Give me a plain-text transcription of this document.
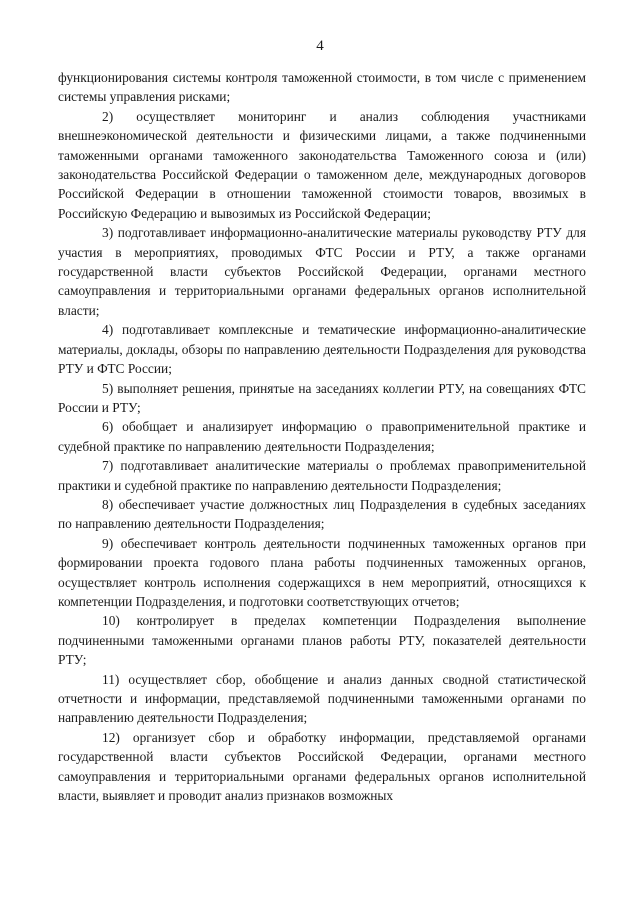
4

функционирования системы контроля таможенной стоимости, в том числе с применением системы управления рисками;

2) осуществляет мониторинг и анализ соблюдения участниками внешнеэкономической деятельности и физическими лицами, а также подчиненными таможенными органами таможенного законодательства Таможенного союза и (или) законодательства Российской Федерации о таможенном деле, международных договоров Российской Федерации в отношении таможенной стоимости товаров, ввозимых в Российскую Федерацию и вывозимых из Российской Федерации;

3) подготавливает информационно-аналитические материалы руководству РТУ для участия в мероприятиях, проводимых ФТС России и РТУ, а также органами государственной власти субъектов Российской Федерации, органами местного самоуправления и территориальными органами федеральных органов исполнительной власти;

4) подготавливает комплексные и тематические информационно-аналитические материалы, доклады, обзоры по направлению деятельности Подразделения для руководства РТУ и ФТС России;

5) выполняет решения, принятые на заседаниях коллегии РТУ, на совещаниях ФТС России и РТУ;

6) обобщает и анализирует информацию о правоприменительной практике и судебной практике по направлению деятельности Подразделения;

7) подготавливает аналитические материалы о проблемах правоприменительной практики и судебной практике по направлению деятельности Подразделения;

8) обеспечивает участие должностных лиц Подразделения в судебных заседаниях по направлению деятельности Подразделения;

9) обеспечивает контроль деятельности подчиненных таможенных органов при формировании проекта годового плана работы подчиненных таможенных органов, осуществляет контроль исполнения содержащихся в нем мероприятий, относящихся к компетенции Подразделения, и подготовки соответствующих отчетов;

10) контролирует в пределах компетенции Подразделения выполнение подчиненными таможенными органами планов работы РТУ, показателей деятельности РТУ;

11) осуществляет сбор, обобщение и анализ данных сводной статистической отчетности и информации, представляемой подчиненными таможенными органами по направлению деятельности Подразделения;

12) организует сбор и обработку информации, представляемой органами государственной власти субъектов Российской Федерации, органами местного самоуправления и территориальными органами федеральных органов исполнительной власти, выявляет и проводит анализ признаков возможных
